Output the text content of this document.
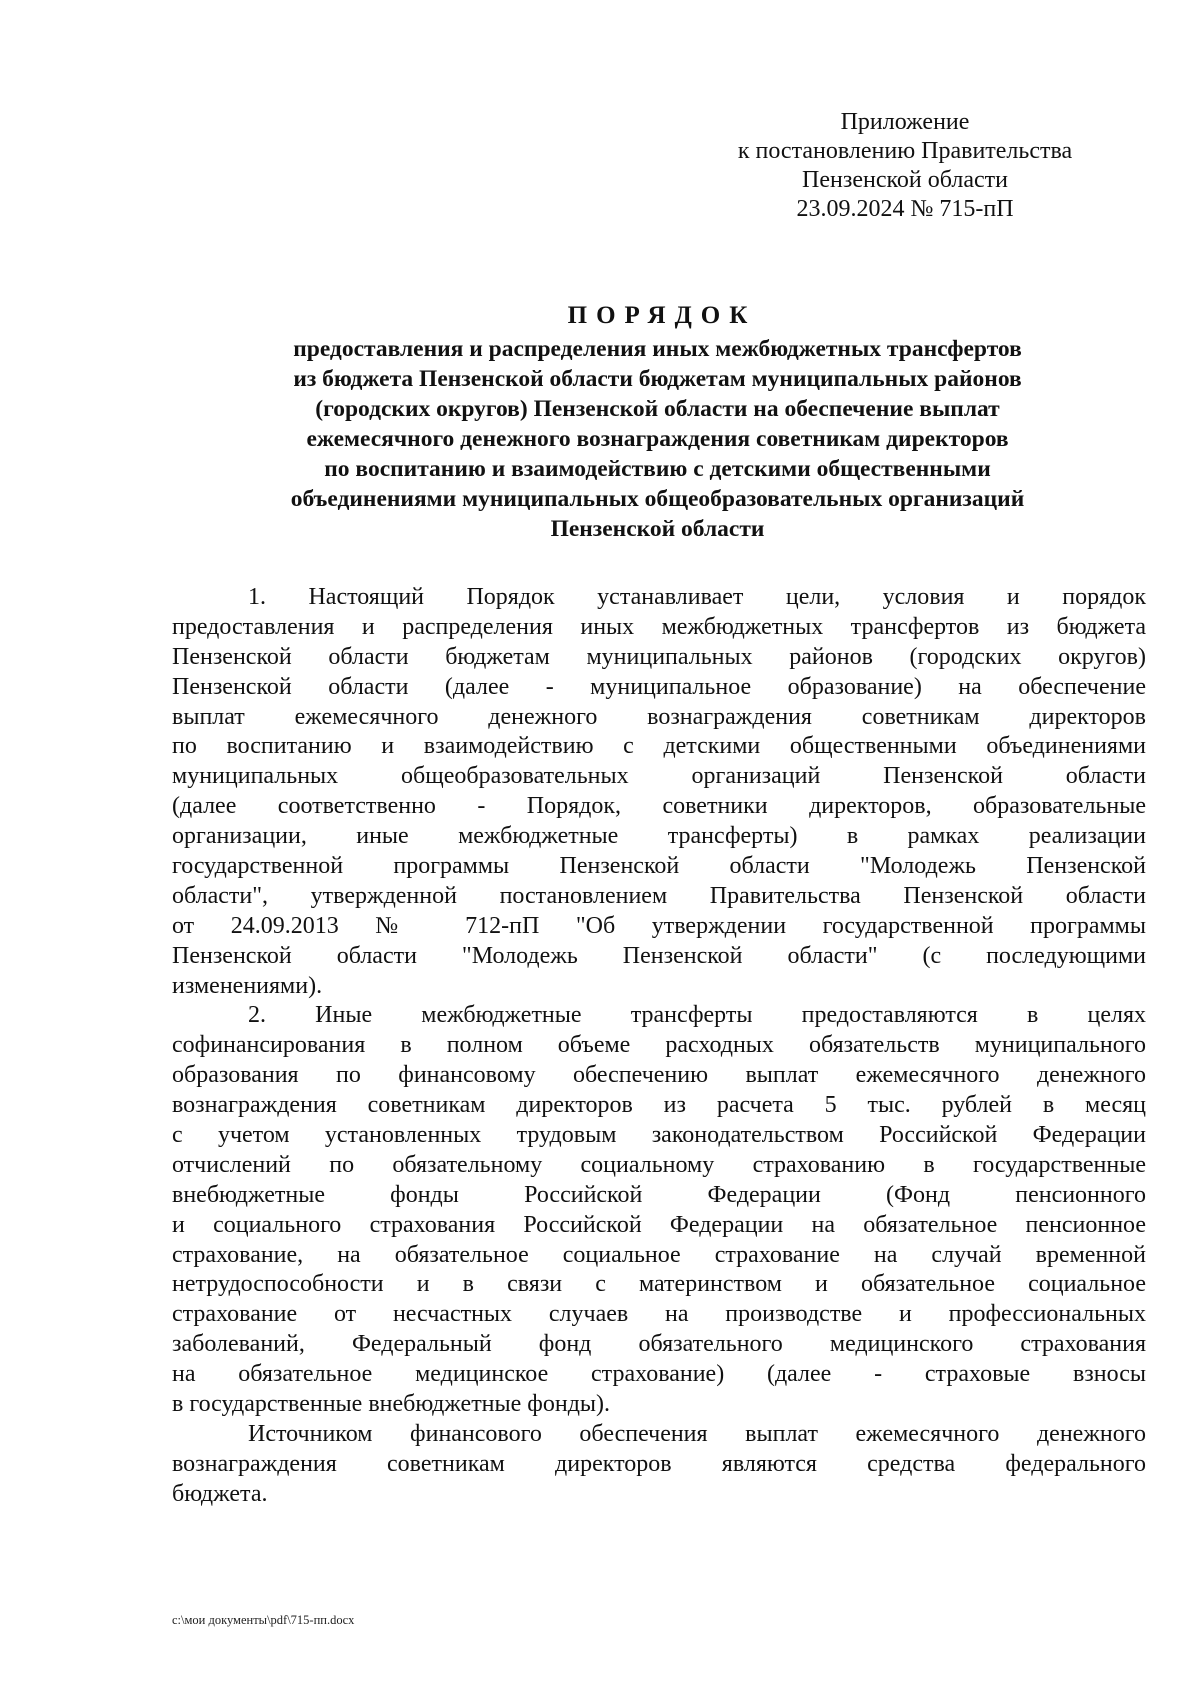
Приложение
к постановлению Правительства
Пензенской области
23.09.2024 № 715-пП
ПОРЯДОК
предоставления и распределения иных межбюджетных трансфертов
из бюджета Пензенской области бюджетам муниципальных районов
(городских округов) Пензенской области на обеспечение выплат
ежемесячного денежного вознаграждения советникам директоров
по воспитанию и взаимодействию с детскими общественными
объединениями муниципальных общеобразовательных организаций
Пензенской области
1. Настоящий Порядок устанавливает цели, условия и порядок
предоставления и распределения иных межбюджетных трансфертов из бюджета
Пензенской области бюджетам муниципальных районов (городских округов)
Пензенской области (далее - муниципальное образование) на обеспечение
выплат ежемесячного денежного вознаграждения советникам директоров
по воспитанию и взаимодействию с детскими общественными объединениями
муниципальных общеобразовательных организаций Пензенской области
(далее соответственно - Порядок, советники директоров, образовательные
организации, иные межбюджетные трансферты) в рамках реализации
государственной программы Пензенской области "Молодежь Пензенской
области", утвержденной постановлением Правительства Пензенской области
от 24.09.2013 № 712-пП "Об утверждении государственной программы
Пензенской области "Молодежь Пензенской области" (с последующими
изменениями).
2. Иные межбюджетные трансферты предоставляются в целях
софинансирования в полном объеме расходных обязательств муниципального
образования по финансовому обеспечению выплат ежемесячного денежного
вознаграждения советникам директоров из расчета 5 тыс. рублей в месяц
с учетом установленных трудовым законодательством Российской Федерации
отчислений по обязательному социальному страхованию в государственные
внебюджетные фонды Российской Федерации (Фонд пенсионного
и социального страхования Российской Федерации на обязательное пенсионное
страхование, на обязательное социальное страхование на случай временной
нетрудоспособности и в связи с материнством и обязательное социальное
страхование от несчастных случаев на производстве и профессиональных
заболеваний, Федеральный фонд обязательного медицинского страхования
на обязательное медицинское страхование) (далее - страховые взносы
в государственные внебюджетные фонды).
Источником финансового обеспечения выплат ежемесячного денежного
вознаграждения советникам директоров являются средства федерального
бюджета.
c:\мои документы\pdf\715-пп.docx
